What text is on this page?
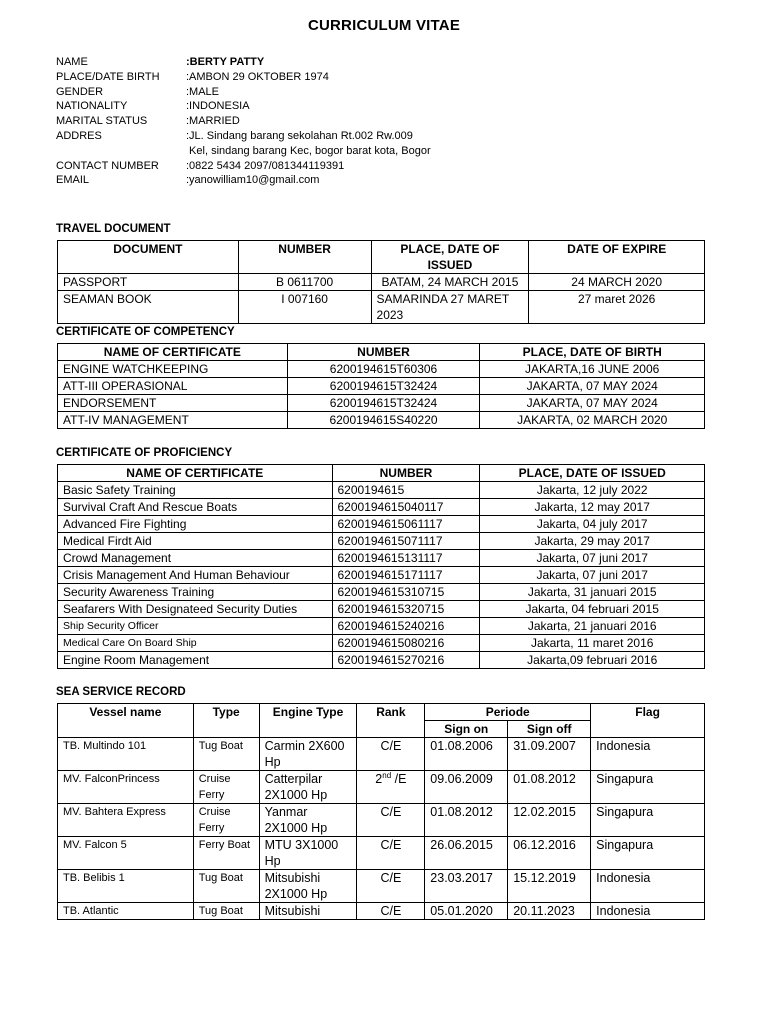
CURRICULUM VITAE
NAME	:BERTY PATTY
PLACE/DATE BIRTH	:AMBON 29 OKTOBER 1974
GENDER	:MALE
NATIONALITY	:INDONESIA
MARITAL STATUS	:MARRIED
ADDRES	:JL. Sindang barang sekolahan Rt.002 Rw.009
Kel, sindang barang Kec, bogor barat kota, Bogor
CONTACT NUMBER	:0822 5434 2097/081344119391
EMAIL	:yanowilliam10@gmail.com
TRAVEL DOCUMENT
DOCUMENT	NUMBER	PLACE, DATE OF ISSUED	DATE OF EXPIRE
PASSPORT	B 0611700	BATAM, 24 MARCH 2015	24 MARCH 2020
SEAMAN BOOK	I 007160	SAMARINDA 27 MARET 2023	27 maret 2026
CERTIFICATE OF COMPETENCY
NAME OF CERTIFICATE	NUMBER	PLACE, DATE OF BIRTH
ENGINE WATCHKEEPING	6200194615T60306	JAKARTA,16 JUNE 2006
ATT-III OPERASIONAL	6200194615T32424	JAKARTA, 07 MAY 2024
ENDORSEMENT	6200194615T32424	JAKARTA, 07 MAY 2024
ATT-IV MANAGEMENT	6200194615S40220	JAKARTA, 02 MARCH 2020
CERTIFICATE OF PROFICIENCY
NAME OF CERTIFICATE	NUMBER	PLACE, DATE OF ISSUED
Basic Safety Training	6200194615	Jakarta, 12 july 2022
Survival Craft And Rescue Boats	6200194615040117	Jakarta, 12 may 2017
Advanced Fire Fighting	6200194615061117	Jakarta, 04 july 2017
Medical Firdt Aid	6200194615071117	Jakarta, 29 may 2017
Crowd Management	6200194615131117	Jakarta, 07 juni 2017
Crisis Management And Human Behaviour	6200194615171117	Jakarta, 07 juni 2017
Security Awareness Training	6200194615310715	Jakarta, 31 januari 2015
Seafarers With Designateed Security Duties	6200194615320715	Jakarta, 04 februari 2015
Ship Security Officer	6200194615240216	Jakarta, 21 januari 2016
Medical Care On Board Ship	6200194615080216	Jakarta, 11 maret 2016
Engine Room Management	6200194615270216	Jakarta,09 februari 2016
SEA SERVICE RECORD
Vessel name	Type	Engine Type	Rank	Periode		Flag
				Sign on	Sign off	
TB. Multindo 101	Tug Boat	Carmin 2X600 Hp	C/E	01.08.2006	31.09.2007	Indonesia
MV. FalconPrincess	Cruise Ferry	Catterpilar 2X1000 Hp	2nd /E	09.06.2009	01.08.2012	Singapura
MV. Bahtera Express	Cruise Ferry	Yanmar 2X1000 Hp	C/E	01.08.2012	12.02.2015	Singapura
MV. Falcon 5	Ferry Boat	MTU 3X1000 Hp	C/E	26.06.2015	06.12.2016	Singapura
TB. Belibis 1	Tug Boat	Mitsubishi 2X1000 Hp	C/E	23.03.2017	15.12.2019	Indonesia
TB. Atlantic	Tug Boat	Mitsubishi	C/E	05.01.2020	20.11.2023	Indonesia
